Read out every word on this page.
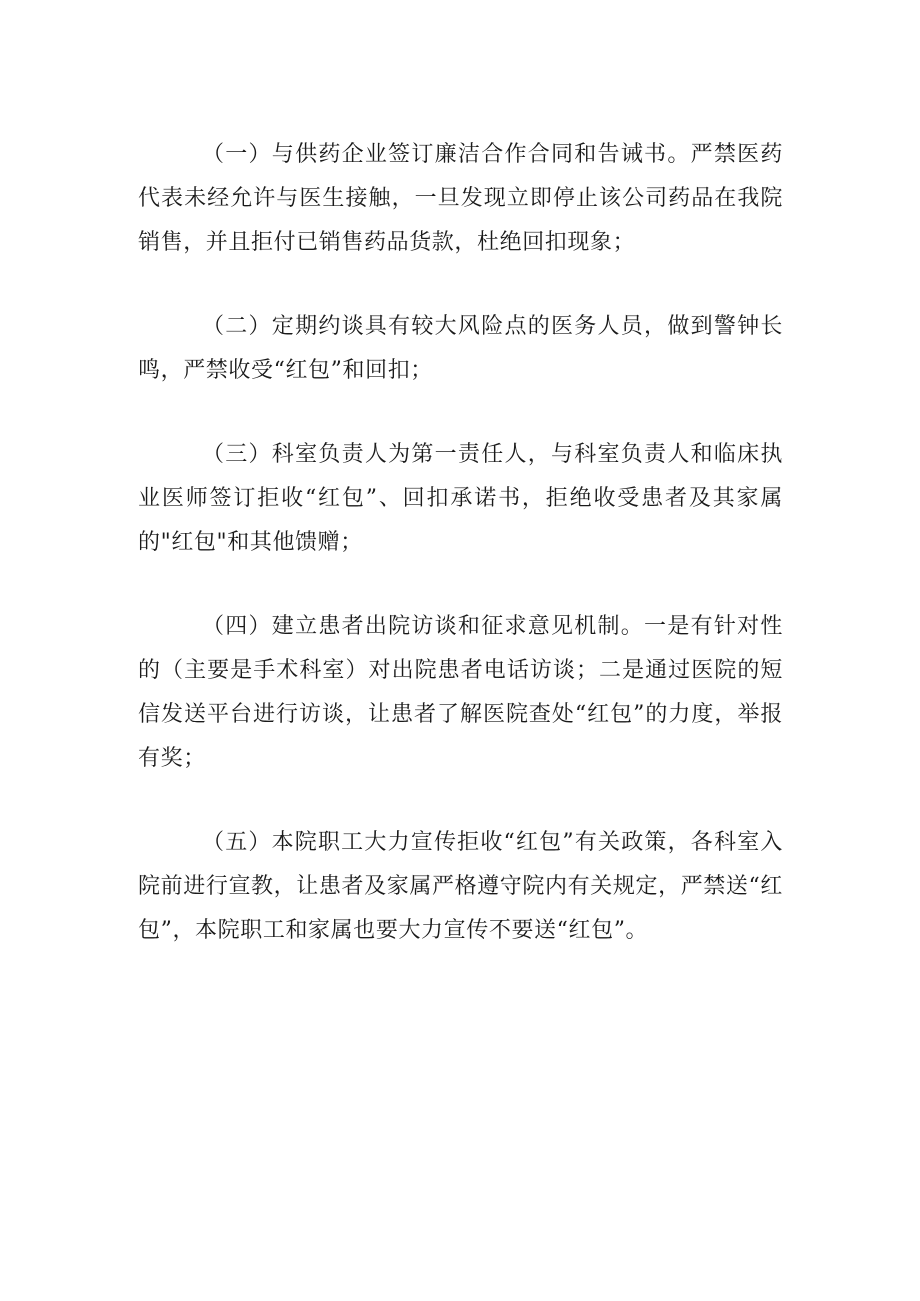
（一）与供药企业签订廉洁合作合同和告诫书。严禁医药代表未经允许与医生接触，一旦发现立即停止该公司药品在我院销售，并且拒付已销售药品货款，杜绝回扣现象；

（二）定期约谈具有较大风险点的医务人员，做到警钟长鸣，严禁收受“红包”和回扣；

（三）科室负责人为第一责任人，与科室负责人和临床执业医师签订拒收“红包”、回扣承诺书，拒绝收受患者及其家属的"红包"和其他馈赠；

（四）建立患者出院访谈和征求意见机制。一是有针对性的（主要是手术科室）对出院患者电话访谈；二是通过医院的短信发送平台进行访谈，让患者了解医院查处“红包”的力度，举报有奖；

（五）本院职工大力宣传拒收“红包”有关政策，各科室入院前进行宣教，让患者及家属严格遵守院内有关规定，严禁送“红包”，本院职工和家属也要大力宣传不要送“红包”。
